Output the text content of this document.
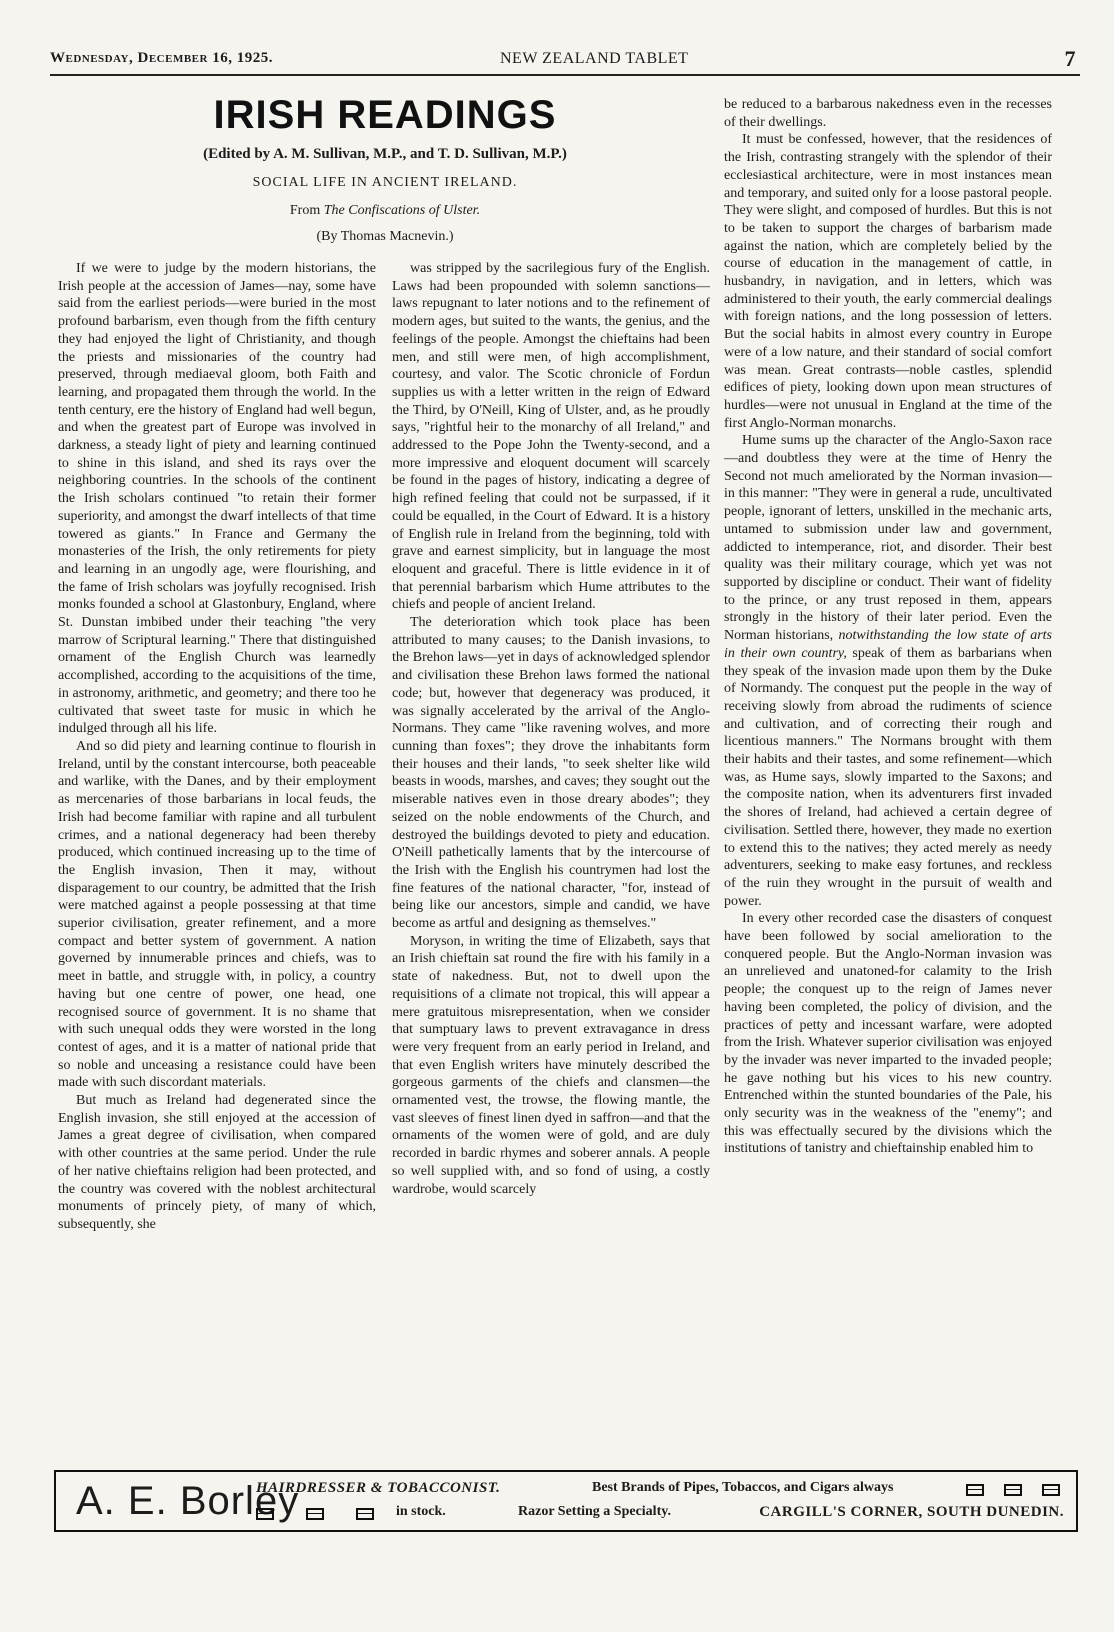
Wednesday, December 16, 1925.	NEW ZEALAND TABLET	7
IRISH READINGS
(Edited by A. M. Sullivan, M.P., and T. D. Sullivan, M.P.)
SOCIAL LIFE IN ANCIENT IRELAND.
From The Confiscations of Ulster.
(By Thomas Macnevin.)

If we were to judge by the modern historians, the Irish people at the accession of James—nay, some have said from the earliest periods—were buried in the most profound barbarism, even though from the fifth century they had enjoyed the light of Christianity, and though the priests and missionaries of the country had preserved, through mediaeval gloom, both Faith and learning, and propagated them through the world. In the tenth century, ere the history of England had well begun, and when the greatest part of Europe was involved in darkness, a steady light of piety and learning continued to shine in this island, and shed its rays over the neighboring countries. In the schools of the continent the Irish scholars continued "to retain their former superiority, and amongst the dwarf intellects of that time towered as giants." In France and Germany the monasteries of the Irish, the only retirements for piety and learning in an ungodly age, were flourishing, and the fame of Irish scholars was joyfully recognised. Irish monks founded a school at Glastonbury, England, where St. Dunstan imbibed under their teaching "the very marrow of Scriptural learning." There that distinguished ornament of the English Church was learnedly accomplished, according to the acquisitions of the time, in astronomy, arithmetic, and geometry; and there too he cultivated that sweet taste for music in which he indulged through all his life.

And so did piety and learning continue to flourish in Ireland, until by the constant intercourse, both peaceable and warlike, with the Danes, and by their employment as mercenaries of those barbarians in local feuds, the Irish had become familiar with rapine and all turbulent crimes, and a national degeneracy had been thereby produced, which continued increasing up to the time of the English invasion, Then it may, without disparagement to our country, be admitted that the Irish were matched against a people possessing at that time superior civilisation, greater refinement, and a more compact and better system of government. A nation governed by innumerable princes and chiefs, was to meet in battle, and struggle with, in policy, a country having but one centre of power, one head, one recognised source of government. It is no shame that with such unequal odds they were worsted in the long contest of ages, and it is a matter of national pride that so noble and unceasing a resistance could have been made with such discordant materials.

But much as Ireland had degenerated since the English invasion, she still enjoyed at the accession of James a great degree of civilisation, when compared with other countries at the same period. Under the rule of her native chieftains religion had been protected, and the country was covered with the noblest architectural monuments of princely piety, of many of which, subsequently, she

was stripped by the sacrilegious fury of the English. Laws had been propounded with solemn sanctions—laws repugnant to later notions and to the refinement of modern ages, but suited to the wants, the genius, and the feelings of the people. Amongst the chieftains had been men, and still were men, of high accomplishment, courtesy, and valor. The Scotic chronicle of Fordun supplies us with a letter written in the reign of Edward the Third, by O'Neill, King of Ulster, and, as he proudly says, "rightful heir to the monarchy of all Ireland," and addressed to the Pope John the Twenty-second, and a more impressive and eloquent document will scarcely be found in the pages of history, indicating a degree of high refined feeling that could not be surpassed, if it could be equalled, in the Court of Edward. It is a history of English rule in Ireland from the beginning, told with grave and earnest simplicity, but in language the most eloquent and graceful. There is little evidence in it of that perennial barbarism which Hume attributes to the chiefs and people of ancient Ireland.

The deterioration which took place has been attributed to many causes; to the Danish invasions, to the Brehon laws—yet in days of acknowledged splendor and civilisation these Brehon laws formed the national code; but, however that degeneracy was produced, it was signally accelerated by the arrival of the Anglo-Normans. They came "like ravening wolves, and more cunning than foxes"; they drove the inhabitants form their houses and their lands, "to seek shelter like wild beasts in woods, marshes, and caves; they sought out the miserable natives even in those dreary abodes"; they seized on the noble endowments of the Church, and destroyed the buildings devoted to piety and education. O'Neill pathetically laments that by the intercourse of the Irish with the English his countrymen had lost the fine features of the national character, "for, instead of being like our ancestors, simple and candid, we have become as artful and designing as themselves."

Moryson, in writing the time of Elizabeth, says that an Irish chieftain sat round the fire with his family in a state of nakedness. But, not to dwell upon the requisitions of a climate not tropical, this will appear a mere gratuitous misrepresentation, when we consider that sumptuary laws to prevent extravagance in dress were very frequent from an early period in Ireland, and that even English writers have minutely described the gorgeous garments of the chiefs and clansmen—the ornamented vest, the trowse, the flowing mantle, the vast sleeves of finest linen dyed in saffron—and that the ornaments of the women were of gold, and are duly recorded in bardic rhymes and soberer annals. A people so well supplied with, and so fond of using, a costly wardrobe, would scarcely

be reduced to a barbarous nakedness even in the recesses of their dwellings.

It must be confessed, however, that the residences of the Irish, contrasting strangely with the splendor of their ecclesiastical architecture, were in most instances mean and temporary, and suited only for a loose pastoral people. They were slight, and composed of hurdles. But this is not to be taken to support the charges of barbarism made against the nation, which are completely belied by the course of education in the management of cattle, in husbandry, in navigation, and in letters, which was administered to their youth, the early commercial dealings with foreign nations, and the long possession of letters. But the social habits in almost every country in Europe were of a low nature, and their standard of social comfort was mean. Great contrasts—noble castles, splendid edifices of piety, looking down upon mean structures of hurdles—were not unusual in England at the time of the first Anglo-Norman monarchs.

Hume sums up the character of the Anglo-Saxon race—and doubtless they were at the time of Henry the Second not much ameliorated by the Norman invasion—in this manner: "They were in general a rude, uncultivated people, ignorant of letters, unskilled in the mechanic arts, untamed to submission under law and government, addicted to intemperance, riot, and disorder. Their best quality was their military courage, which yet was not supported by discipline or conduct. Their want of fidelity to the prince, or any trust reposed in them, appears strongly in the history of their later period. Even the Norman historians, notwithstanding the low state of arts in their own country, speak of them as barbarians when they speak of the invasion made upon them by the Duke of Normandy. The conquest put the people in the way of receiving slowly from abroad the rudiments of science and cultivation, and of correcting their rough and licentious manners." The Normans brought with them their habits and their tastes, and some refinement—which was, as Hume says, slowly imparted to the Saxons; and the composite nation, when its adventurers first invaded the shores of Ireland, had achieved a certain degree of civilisation. Settled there, however, they made no exertion to extend this to the natives; they acted merely as needy adventurers, seeking to make easy fortunes, and reckless of the ruin they wrought in the pursuit of wealth and power.

In every other recorded case the disasters of conquest have been followed by social amelioration to the conquered people. But the Anglo-Norman invasion was an unrelieved and unatoned-for calamity to the Irish people; the conquest up to the reign of James never having been completed, the policy of division, and the practices of petty and incessant warfare, were adopted from the Irish. Whatever superior civilisation was enjoyed by the invader was never imparted to the invaded people; he gave nothing but his vices to his new country. Entrenched within the stunted boundaries of the Pale, his only security was in the weakness of the "enemy"; and this was effectually secured by the divisions which the institutions of tanistry and chieftainship enabled him to

A. E. Borley
HAIRDRESSER & TOBACCONIST.	Best Brands of Pipes, Tobaccos, and Cigars always
in stock.	Razor Setting a Specialty.	CARGILL'S CORNER, SOUTH DUNEDIN.
